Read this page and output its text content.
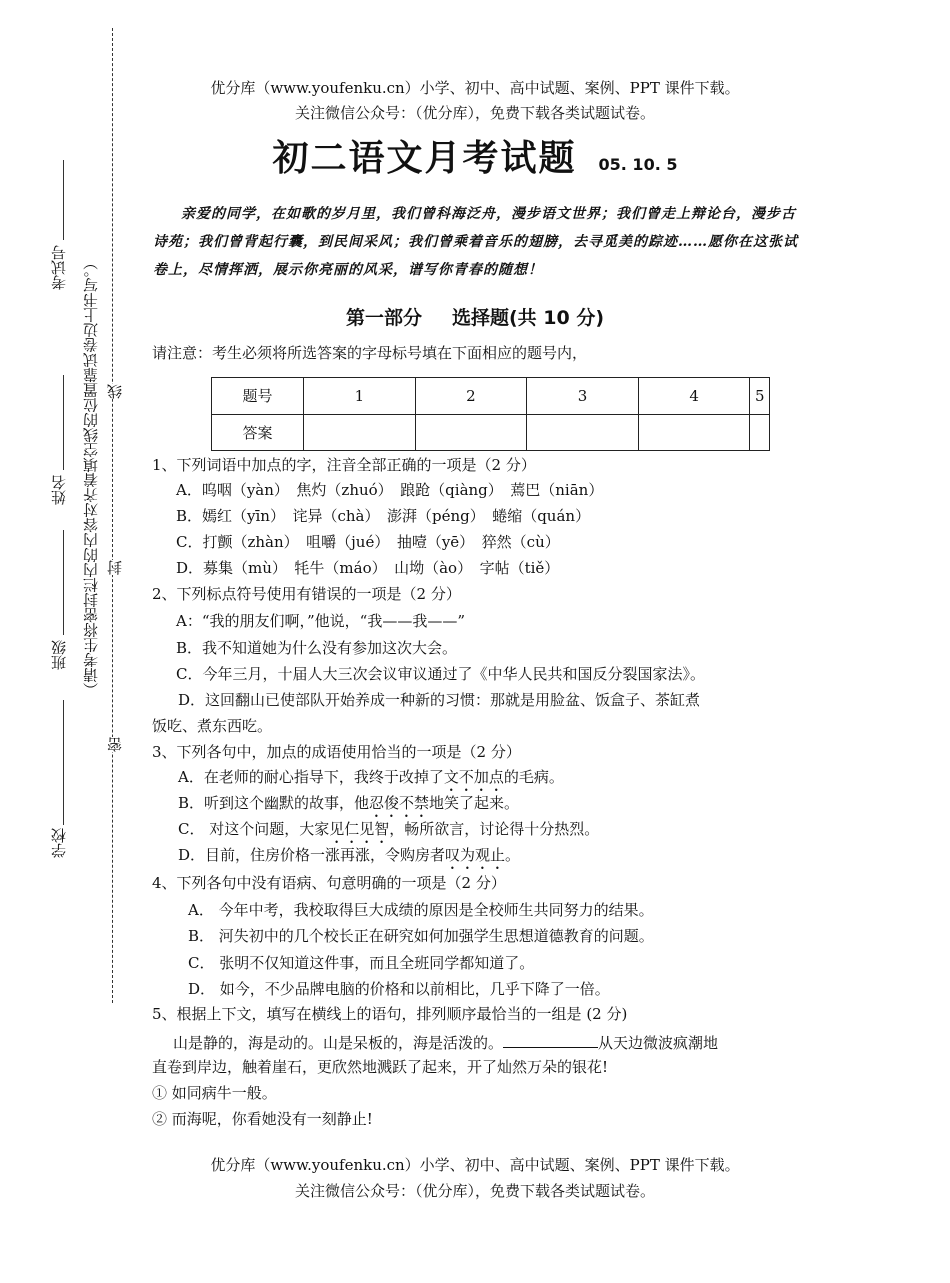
考试号
姓名
班级
学校
（请考生将密封栏内的内容对齐着填空线的位置靠试卷边上书写。） 线
封
密
优分库（www.youfenku.cn）小学、初中、高中试题、案例、PPT 课件下载。
关注微信公众号：（优分库），免费下载各类试题试卷。
初二语文月考试题 05. 10. 5
亲爱的同学，在如歌的岁月里，我们曾科海泛舟，漫步语文世界；我们曾走上辩论台，漫步古诗苑；我们曾背起行囊，到民间采风；我们曾乘着音乐的翅膀，去寻觅美的踪迹……愿你在这张试卷上，尽情挥洒，展示你亮丽的风采，谱写你青春的随想！
第一部分 选择题(共 10 分)
请注意：考生必须将所选答案的字母标号填在下面相应的题号内，
题号	1	2	3	4	5
答案					
1、下列词语中加点的字，注音全部正确的一项是（2 分）
A．呜咽（yàn）　焦灼（zhuó）　踉跄（qiàng）　蔫巴（niān）
B．嫣红（yīn）　诧异（chà）　澎湃（péng）　蜷缩（quán）
C．打颤（zhàn）　咀嚼（jué）　抽噎（yē）　猝然（cù）
D．募集（mù）　牦牛（máo）　山坳（ào）　字帖（tiě）
2、下列标点符号使用有错误的一项是（2 分）
A：“我的朋友们啊，”他说，“我——我——”
B．我不知道她为什么没有参加这次大会。
C．今年三月，十届人大三次会议审议通过了《中华人民共和国反分裂国家法》。
D．这回翻山已使部队开始养成一种新的习惯：那就是用脸盆、饭盒子、茶缸煮
饭吃、煮东西吃。
3、下列各句中，加点的成语使用恰当的一项是（2 分）
A．在老师的耐心指导下，我终于改掉了文不加点的毛病。
B．听到这个幽默的故事，他忍俊不禁地笑了起来。
C． 对这个问题，大家见仁见智，畅所欲言，讨论得十分热烈。
D．目前，住房价格一涨再涨，令购房者叹为观止。
4、下列各句中没有语病、句意明确的一项是（2 分）
A． 今年中考，我校取得巨大成绩的原因是全校师生共同努力的结果。
B． 河失初中的几个校长正在研究如何加强学生思想道德教育的问题。
C． 张明不仅知道这件事，而且全班同学都知道了。
D． 如今，不少品牌电脑的价格和以前相比，几乎下降了一倍。
5、根据上下文，填写在横线上的语句，排列顺序最恰当的一组是 (2 分)
山是静的，海是动的。山是呆板的，海是活泼的。	从天边微波疯潮地
直卷到岸边，触着崖石，更欣然地溅跃了起来，开了灿然万朵的银花!
① 如同病牛一般。
② 而海呢，你看她没有一刻静止!
优分库（www.youfenku.cn）小学、初中、高中试题、案例、PPT 课件下载。
关注微信公众号：（优分库），免费下载各类试题试卷。
